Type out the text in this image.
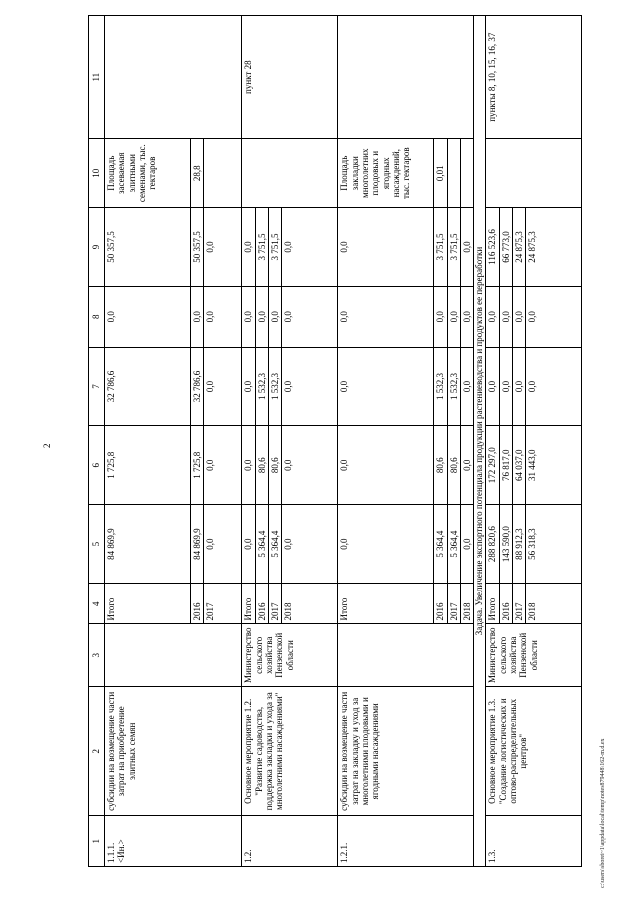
2
1	2	3	4	5	6	7	8	9	10	11
1.1.1. <Ин.>	субсидии на возмещение части затрат на приобретение элитных семян		Итого	84 869,9	1 725,8	32 786,6	0,0	50 357,5	Площадь засеваемая элитными семенами, тыс. гектаров	
			2016	84 869,9	1 725,8	32 786,6	0,0	50 357,5	28,8	
			2017	0,0	0,0	0,0	0,0	0,0		
1.2.	Основное мероприятие 1.2. "Развитие садоводства, поддержка закладки и ухода за многолетними насаждениями"	Министерство сельского хозяйства Пензенской области	Итого	0,0	0,0	0,0	0,0	0,0		пункт 28
			2016	5 364,4	80,6	1 532,3	0,0	3 751,5		
			2017	5 364,4	80,6	1 532,3	0,0	3 751,5		
			2018	0,0	0,0	0,0	0,0	0,0		
1.2.1.	субсидии на возмещение части затрат на закладку и уход за многолетними плодовыми и ягодными насаждениями		Итого	0,0	0,0	0,0	0,0	0,0	Площадь закладки многолетних плодовых и ягодных насаждений, тыс. гектаров	
			2016	5 364,4	80,6	1 532,3	0,0	3 751,5	0,01	
			2017	5 364,4	80,6	1 532,3	0,0	3 751,5		
			2018	0,0	0,0	0,0	0,0	0,0		
Задача. Увеличение экспортного потенциала продукции растениеводства и продуктов ее переработки										
1.3.	Основное мероприятие 1.3. "Создание логистических и оптово-распределительных центров"	Министерство сельского хозяйства Пензенской области	Итого	288 820,6	172 297,0	0,0	0,0	116 523,6		пункты 8, 10, 15, 16, 37
			2016	143 590,0	76 817,0	0,0	0,0	66 773,0		
			2017	88 912,3	64 037,0	0,0	0,0	24 875,3		
			2018	56 318,3	31 443,0	0,0	0,0	24 875,3		
c:\users\sborei~1\appdata\local\temp\notes879448\162-m.d.ex
